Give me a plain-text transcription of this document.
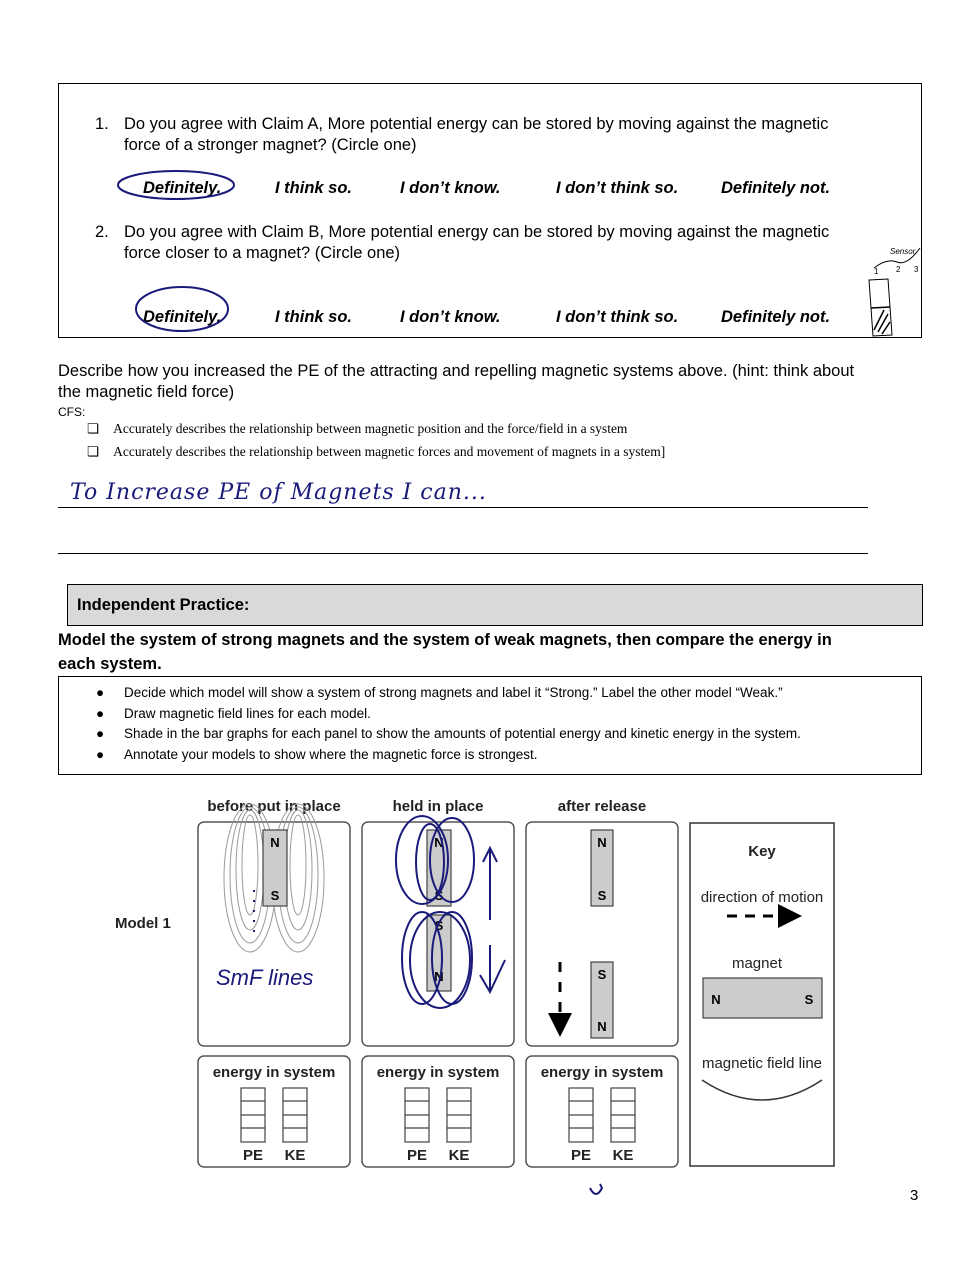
1. Do you agree with Claim A, More potential energy can be stored by moving against the magnetic
force of a stronger magnet? (Circle one)
Definitely.	I think so.	I don’t know.	I don’t think so.	Definitely not.
2. Do you agree with Claim B, More potential energy can be stored by moving against the magnetic
force closer to a magnet? (Circle one)
Definitely.	I think so.	I don’t know.	I don’t think so.	Definitely not.
Sensor
1 2 3
Describe how you increased the PE of the attracting and repelling magnetic systems above. (hint: think about
the magnetic field force)
CFS:
❏ Accurately describes the relationship between magnetic position and the force/field in a system
❏ Accurately describes the relationship between magnetic forces and movement of magnets in a system]
To Increase PE of Magnets I can...
Independent Practice:
Model the system of strong magnets and the system of weak magnets, then compare the energy in
each system.
● Decide which model will show a system of strong magnets and label it “Strong.” Label the other model “Weak.”
● Draw magnetic field lines for each model.
● Shade in the bar graphs for each panel to show the amounts of potential energy and kinetic energy in the system.
● Annotate your models to show where the magnetic force is strongest.
Model 1
before put in place	held in place	after release
N
S
N
S
S
N
N
S
S
N
N	S
SmF lines
energy in system	energy in system	energy in system
PE KE	PE KE	PE KE
Key
direction of motion
magnet
magnetic field line
3
